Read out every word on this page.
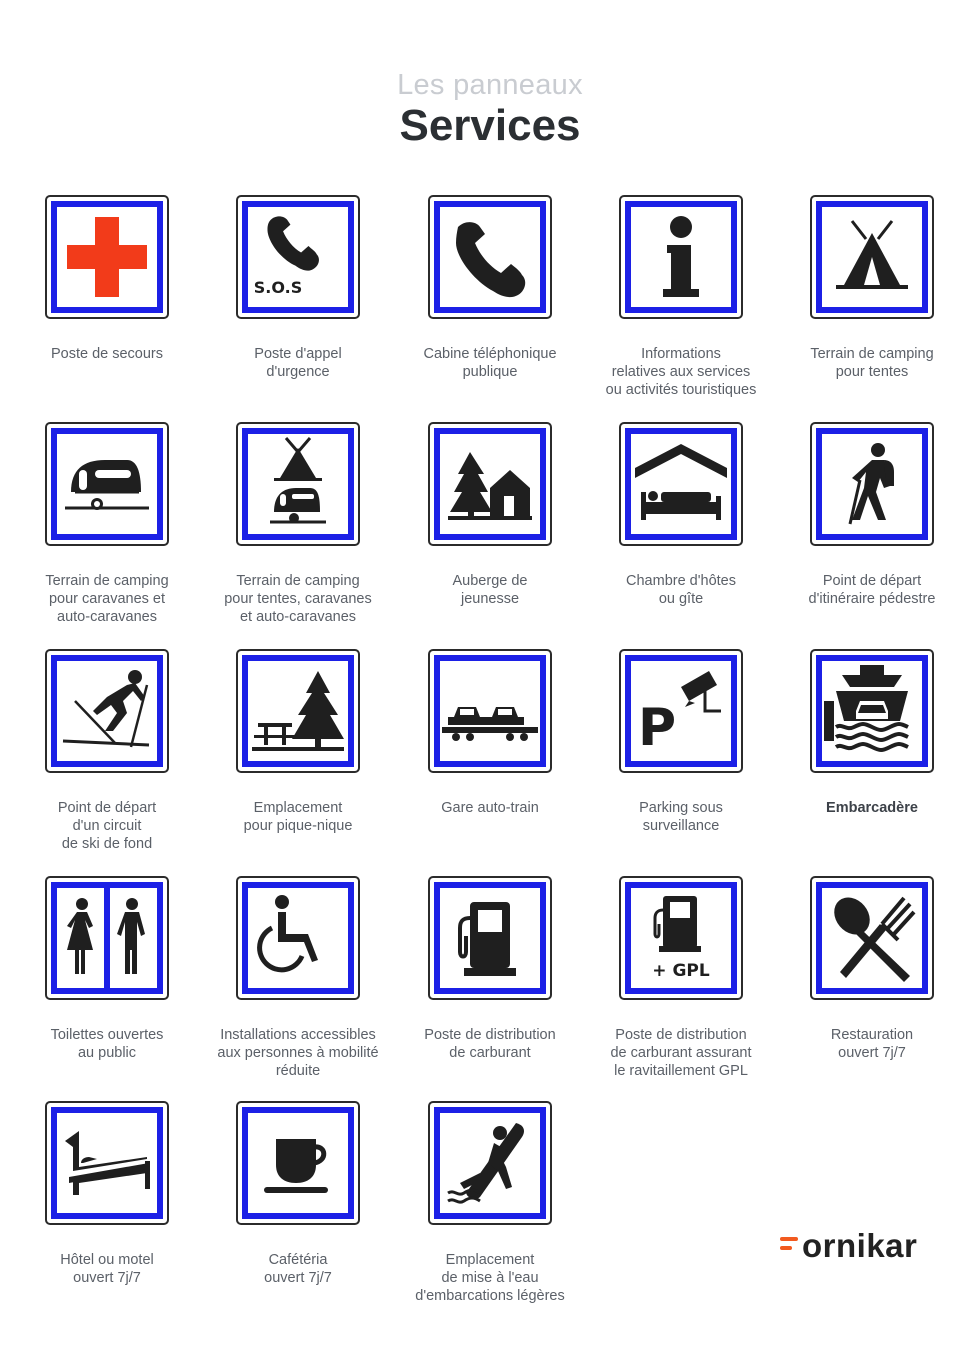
Les panneaux
Services
Poste de secours
S.O.S
Poste d'appel
d'urgence
Cabine téléphonique
publique
Informations
relatives aux services
ou activités touristiques
Terrain de camping
pour tentes
Terrain de camping
pour caravanes et
auto-caravanes
Terrain de camping
pour tentes, caravanes
et auto-caravanes
Auberge de
jeunesse
Chambre d'hôtes
ou gîte
Point de départ
d'itinéraire pédestre
Point de départ
d'un circuit
de ski de fond
Emplacement
pour pique-nique
Gare auto-train
P
Parking sous
surveillance
Embarcadère
Toilettes ouvertes
au public
Installations accessibles
aux personnes à mobilité
réduite
Poste de distribution
de carburant
+ GPL
Poste de distribution
de carburant assurant
le ravitaillement GPL
Restauration
ouvert 7j/7
Hôtel ou motel
ouvert 7j/7
Cafétéria
ouvert 7j/7
Emplacement
de mise à l'eau
d'embarcations légères
ornikar
